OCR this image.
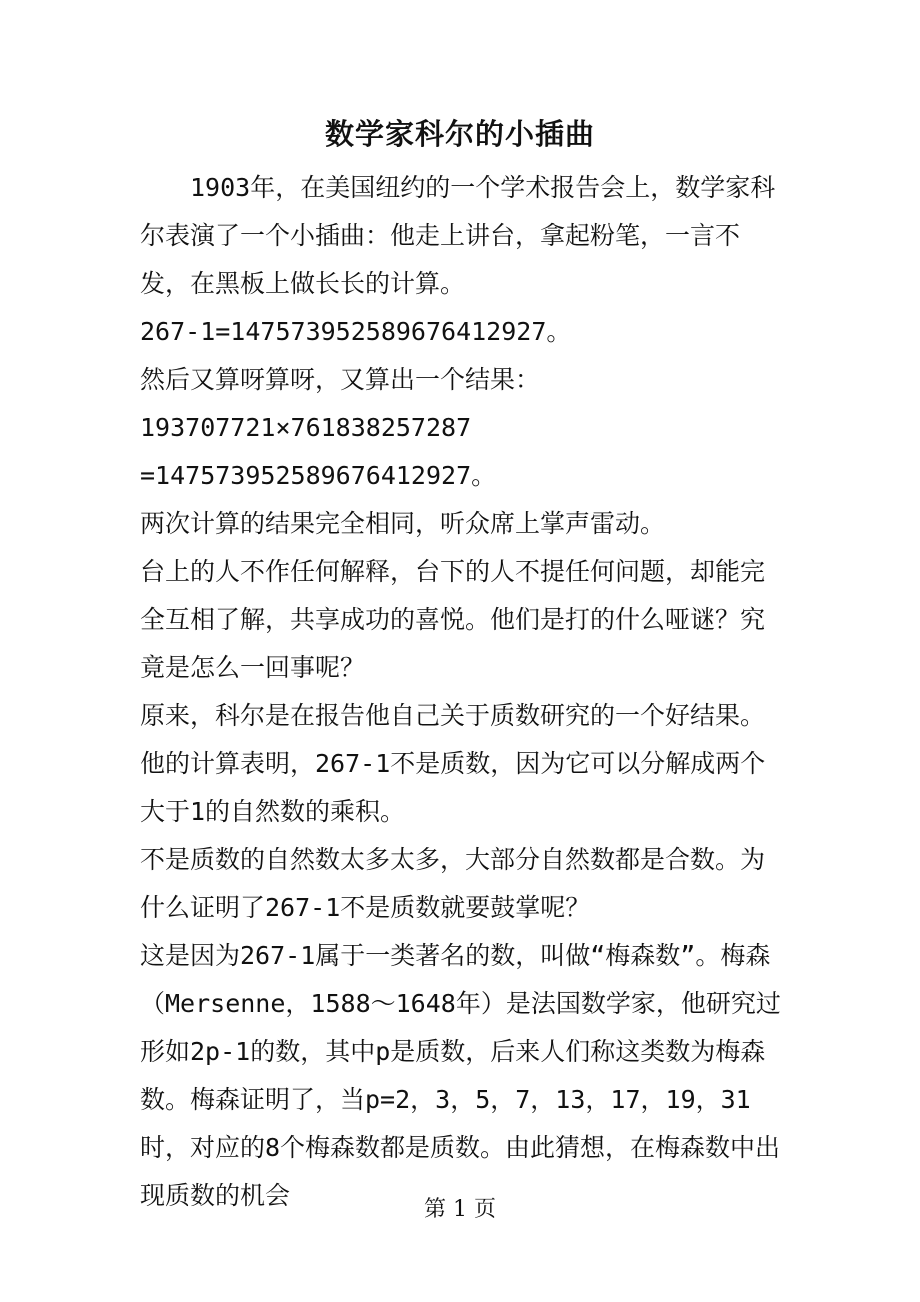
数学家科尔的小插曲

1903年，在美国纽约的一个学术报告会上，数学家科尔表演了一个小插曲：他走上讲台，拿起粉笔，一言不发，在黑板上做长长的计算。

267-1=147573952589676412927。

然后又算呀算呀，又算出一个结果：

193707721×761838257287

=147573952589676412927。

两次计算的结果完全相同，听众席上掌声雷动。

台上的人不作任何解释，台下的人不提任何问题，却能完全互相了解，共享成功的喜悦。他们是打的什么哑谜？究竟是怎么一回事呢？

原来，科尔是在报告他自己关于质数研究的一个好结果。他的计算表明，267-1不是质数，因为它可以分解成两个大于1的自然数的乘积。

不是质数的自然数太多太多，大部分自然数都是合数。为什么证明了267-1不是质数就要鼓掌呢？

这是因为267-1属于一类著名的数，叫做“梅森数”。梅森（Mersenne，1588～1648年）是法国数学家，他研究过形如2p-1的数，其中p是质数，后来人们称这类数为梅森数。梅森证明了，当p=2，3，5，7，13，17，19，31时，对应的8个梅森数都是质数。由此猜想，在梅森数中出现质数的机会	第 1 页
